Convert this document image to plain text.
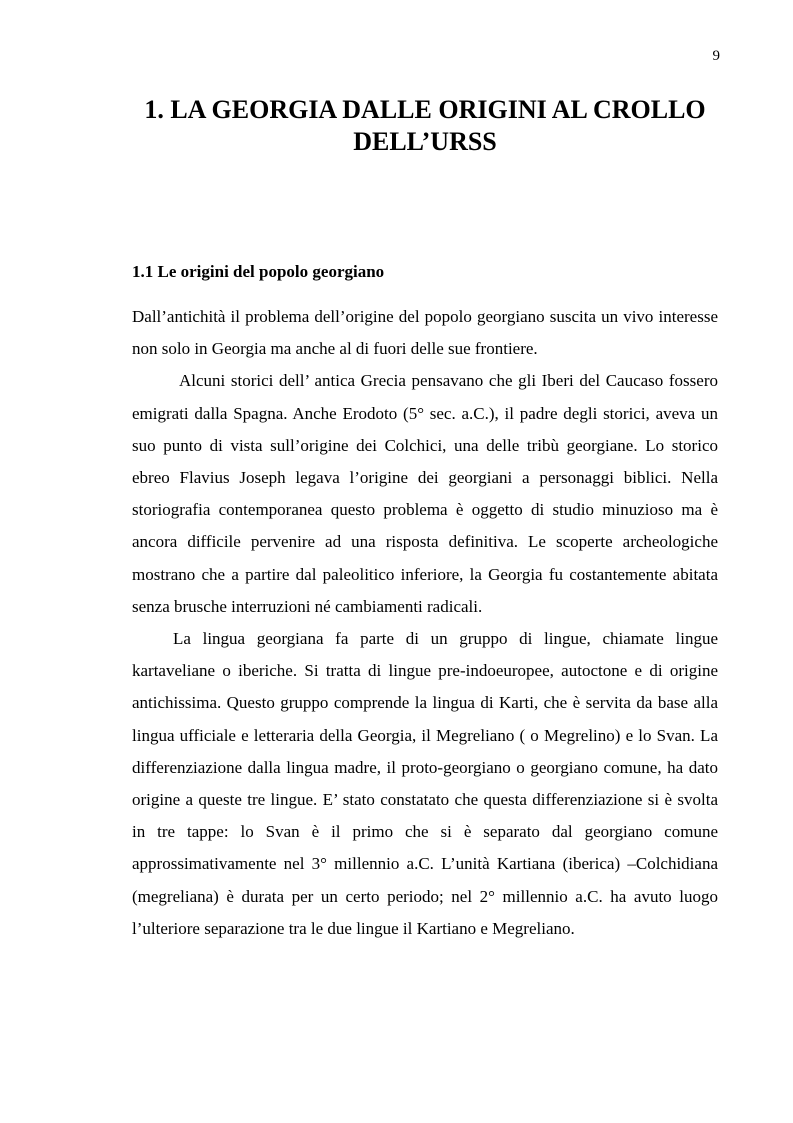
9
1. LA GEORGIA DALLE ORIGINI AL CROLLO
DELL’URSS
1.1 Le origini del popolo georgiano

Dall’antichità il problema dell’origine del popolo georgiano suscita un vivo interesse non solo in Georgia ma anche al di fuori delle sue frontiere.

Alcuni storici dell’ antica Grecia pensavano che gli Iberi del Caucaso fossero emigrati dalla Spagna. Anche Erodoto (5° sec. a.C.), il padre degli storici, aveva un suo punto di vista sull’origine dei Colchici, una delle tribù georgiane. Lo storico ebreo Flavius Joseph legava l’origine dei georgiani a personaggi biblici. Nella storiografia contemporanea questo problema è oggetto di studio minuzioso ma è ancora difficile pervenire ad una risposta definitiva. Le scoperte archeologiche mostrano che a partire dal paleolitico inferiore, la Georgia fu costantemente abitata senza brusche interruzioni né cambiamenti radicali.

La lingua georgiana fa parte di un gruppo di lingue, chiamate lingue kartaveliane o iberiche. Si tratta di lingue pre-indoeuropee, autoctone e di origine antichissima. Questo gruppo comprende la lingua di Karti, che è servita da base alla lingua ufficiale e letteraria della Georgia, il Megreliano ( o Megrelino) e lo Svan. La differenziazione dalla lingua madre, il proto-georgiano o georgiano comune, ha dato origine a queste tre lingue. E’ stato constatato che questa differenziazione si è svolta in tre tappe: lo Svan è il primo che si è separato dal georgiano comune approssimativamente nel 3° millennio a.C. L’unità Kartiana (iberica) –Colchidiana (megreliana) è durata per un certo periodo; nel 2° millennio a.C. ha avuto luogo l’ulteriore separazione tra le due lingue il Kartiano e Megreliano.
